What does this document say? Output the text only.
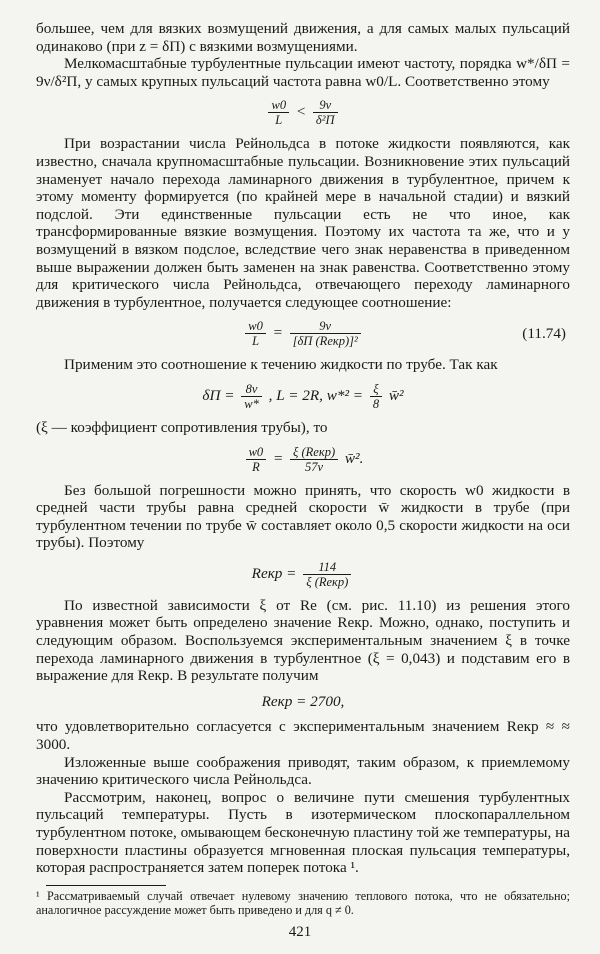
большее, чем для вязких возмущений движения, а для самых малых пульсаций одинаково (при z = δП) с вязкими возмущениями.

Мелкомасштабные турбулентные пульсации имеют частоту, порядка w*/δП = 9ν/δ²П, у самых крупных пульсаций частота равна w0/L. Соответственно этому

$\frac{w0}{L} < \frac{9\nu}{\text{δ²П}}$

При возрастании числа Рейнольдса в потоке жидкости появляются, как известно, сначала крупномасштабные пульсации. Возникновение этих пульсаций знаменует начало перехода ламинарного движения в турбулентное, причем к этому моменту формируется (по крайней мере в начальной стадии) и вязкий подслой. Эти единственные пульсации есть не что иное, как трансформированные вязкие возмущения. Поэтому их частота та же, что и у возмущений в вязком подслое, вследствие чего знак неравенства в приведенном выше выражении должен быть заменен на знак равенства. Соответственно этому для критического числа Рейнольдса, отвечающего переходу ламинарного движения в турбулентное, получается следующее соотношение:

$\frac{w0}{L} = \frac{9\nu}{\text{[δП (Reкр)]²}}$	(11.74)

Применим это соотношение к течению жидкости по трубе. Так как

$\delta П = \frac{8\nu}{w*}$ , L = 2R, $w*^2 = \frac{\xi}{8}$ w̄²

(ξ — коэффициент сопротивления трубы), то

$\frac{w0}{R} = \frac{\text{ξ (Reкр)}}{57\nu}$ w̄².

Без большой погрешности можно принять, что скорость w0 жидкости в средней части трубы равна средней скорости w̄ жидкости в трубе (при турбулентном течении по трубе w̄ составляет около 0,5 скорости жидкости на оси трубы). Поэтому

Reкр = $\frac{114}{\text{ξ (Reкр)}}$

По известной зависимости ξ от Re (см. рис. 11.10) из решения этого уравнения может быть определено значение Reкр. Можно, однако, поступить и следующим образом. Воспользуемся экспериментальным значением ξ в точке перехода ламинарного движения в турбулентное (ξ = 0,043) и подставим его в выражение для Reкр. В результате получим

Reкр = 2700,

что удовлетворительно согласуется с экспериментальным значением Reкр ≈ ≈ 3000.

Изложенные выше соображения приводят, таким образом, к приемлемому значению критического числа Рейнольдса.

Рассмотрим, наконец, вопрос о величине пути смешения турбулентных пульсаций температуры. Пусть в изотермическом плоскопараллельном турбулентном потоке, омывающем бесконечную пластину той же температуры, на поверхности пластины образуется мгновенная плоская пульсация температуры, которая распространяется затем поперек потока ¹.

¹ Рассматриваемый случай отвечает нулевому значению теплового потока, что не обязательно; аналогичное рассуждение может быть приведено и для q ≠ 0.

421
